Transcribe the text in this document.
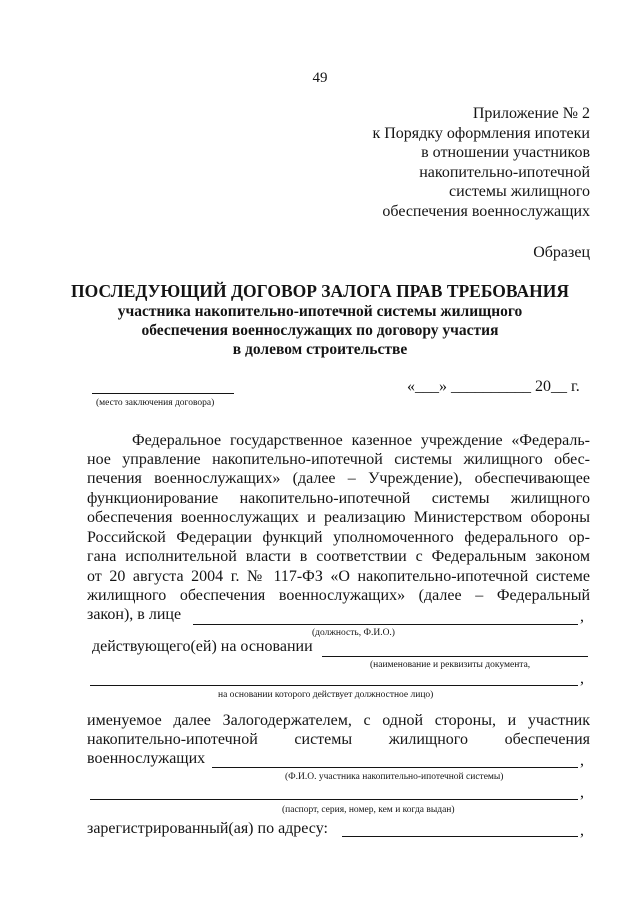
49
Приложение № 2
к Порядку оформления ипотеки
в отношении участников
накопительно-ипотечной
системы жилищного
обеспечения военнослужащих
Образец
ПОСЛЕДУЮЩИЙ ДОГОВОР ЗАЛОГА ПРАВ ТРЕБОВАНИЯ
участника накопительно-ипотечной системы жилищного
обеспечения военнослужащих по договору участия
в долевом строительстве
(место заключения договора)
«___» __________ 20__ г.
Федеральное государственное казенное учреждение «Федераль-
ное управление накопительно-ипотечной системы жилищного обес-
печения военнослужащих» (далее – Учреждение), обеспечивающее
функционирование накопительно-ипотечной системы жилищного
обеспечения военнослужащих и реализацию Министерством обороны
Российской Федерации функций уполномоченного федерального ор-
гана исполнительной власти в соответствии с Федеральным законом
от 20 августа 2004 г. № 117-ФЗ «О накопительно-ипотечной системе
жилищного обеспечения военнослужащих» (далее – Федеральный
закон), в лице	,
(должность, Ф.И.О.)
действующего(ей) на основании
(наименование и реквизиты документа,
,
на основании которого действует должностное лицо)
именуемое далее Залогодержателем, с одной стороны, и участник
накопительно-ипотечной системы жилищного обеспечения
военнослужащих	,
(Ф.И.О. участника накопительно-ипотечной системы)
,
(паспорт, серия, номер, кем и когда выдан)
зарегистрированный(ая) по адресу:	,
